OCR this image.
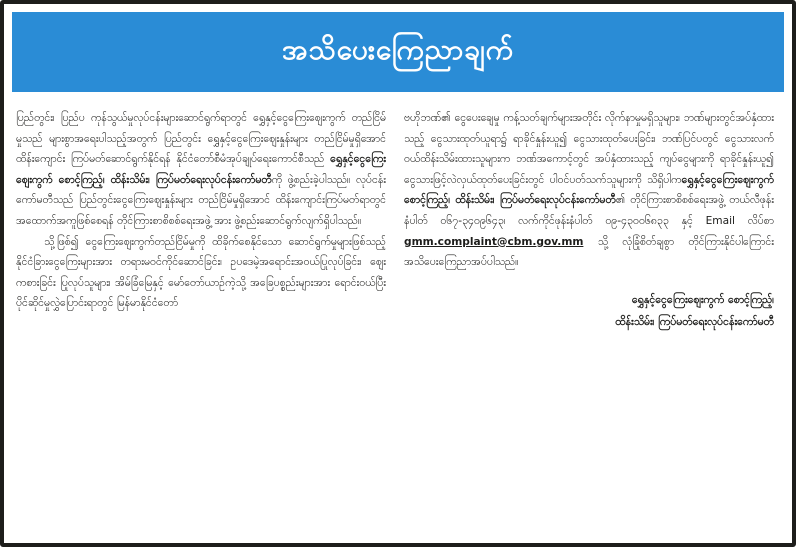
အသိပေးကြေညာချက်

ပြည်တွင်း၊ ပြည်ပ ကုန်သွယ်မှုလုပ်ငန်းများဆောင်ရွက်ရာတွင် ရွှေနှင့်ငွေကြေးဈေးကွက် တည်ငြိမ်မှုသည် များစွာအရေးပါသည့်အတွက် ပြည်တွင်း ရွှေနှင့်ငွေကြေးဈေးနှုန်းများ တည်ငြိမ်မှုရှိအောင် ထိန်းကျောင်း ကြပ်မတ်ဆောင်ရွက်နိုင်ရန် နိုင်ငံတော်စီမံအုပ်ချုပ်ရေးကောင်စီသည် ရွှေနှင့်ငွေကြေးဈေးကွက် စောင့်ကြည့်၊ ထိန်းသိမ်း၊ ကြပ်မတ်ရေးလုပ်ငန်းကော်မတီကို ဖွဲ့စည်းခဲ့ပါသည်။ လုပ်ငန်းကော်မတီသည် ပြည်တွင်းငွေကြေးဈေးနှုန်းများ တည်ငြိမ်မှုရှိအောင် ထိန်းကျောင်းကြပ်မတ်ရာတွင် အထောက်အကူဖြစ်စေရန် တိုင်ကြားစာစိစစ်ရေးအဖွဲ့ အား ဖွဲ့စည်းဆောင်ရွက်လျက်ရှိပါသည်။

သို့ဖြစ်၍ ငွေကြေးဈေးကွက်တည်ငြိမ်မှုကို ထိခိုက်စေနိုင်သော ဆောင်ရွက်မှုများဖြစ်သည့် နိုင်ငံခြားငွေကြေးများအား တရားမဝင်ကိုင်ဆောင်ခြင်း၊ ဥပဒေမဲ့အရောင်းအဝယ်ပြုလုပ်ခြင်း၊ ဈေးကစားခြင်း ပြုလုပ်သူများ၊ အိမ်ခြံမြေနှင့် မော်တော်ယာဉ်ကဲ့သို့ အခြေပစ္စည်းများအား ရောင်းဝယ်ပြီး ပိုင်ဆိုင်မှုလွှဲပြောင်းရာတွင် မြန်မာနိုင်ငံတော်

ဗဟိုဘဏ်၏ ငွေပေးချေမှု ကန့်သတ်ချက်များအတိုင်း လိုက်နာမှုမရှိသူများ၊ ဘဏ်များတွင်အပ်နှံထားသည့် ငွေသားထုတ်ယူရာ၌ ရာခိုင်နှုန်းယူ၍ ငွေသားထုတ်ပေးခြင်း၊ ဘဏ်ပြင်ပတွင် ငွေသားလက်ဝယ်ထိန်းသိမ်းထားသူများက ဘဏ်အကောင့်တွင် အပ်နှံထားသည့် ကျပ်ငွေများကို ရာခိုင်နှုန်းယူ၍ ငွေသားဖြင့်လဲလှယ်ထုတ်ပေးခြင်းတွင် ပါဝင်ပတ်သက်သူများကို သိရှိပါကရွှေနှင့်ငွေကြေးဈေးကွက် စောင့်ကြည့်၊ ထိန်းသိမ်း၊ ကြပ်မတ်ရေးလုပ်ငန်းကော်မတီ၏ တိုင်ကြားစာစိစစ်ရေးအဖွဲ့ တယ်လီဖုန်းနံပါတ် ၀၆၇-၃၄၀၉၆၄၃၊ လက်ကိုင်ဖုန်းနံပါတ် ၀၉-၄၃၀၀၆၈၃၃ နှင့် Email လိပ်စာ gmm.complaint@cbm.gov.mm သို့ လုံခြုံစိတ်ချစွာ တိုင်ကြားနိုင်ပါကြောင်း အသိပေးကြေညာအပ်ပါသည်။

ရွှေနှင့်ငွေကြေးဈေးကွက် စောင့်ကြည့်၊
ထိန်းသိမ်း၊ ကြပ်မတ်ရေးလုပ်ငန်းကော်မတီ
